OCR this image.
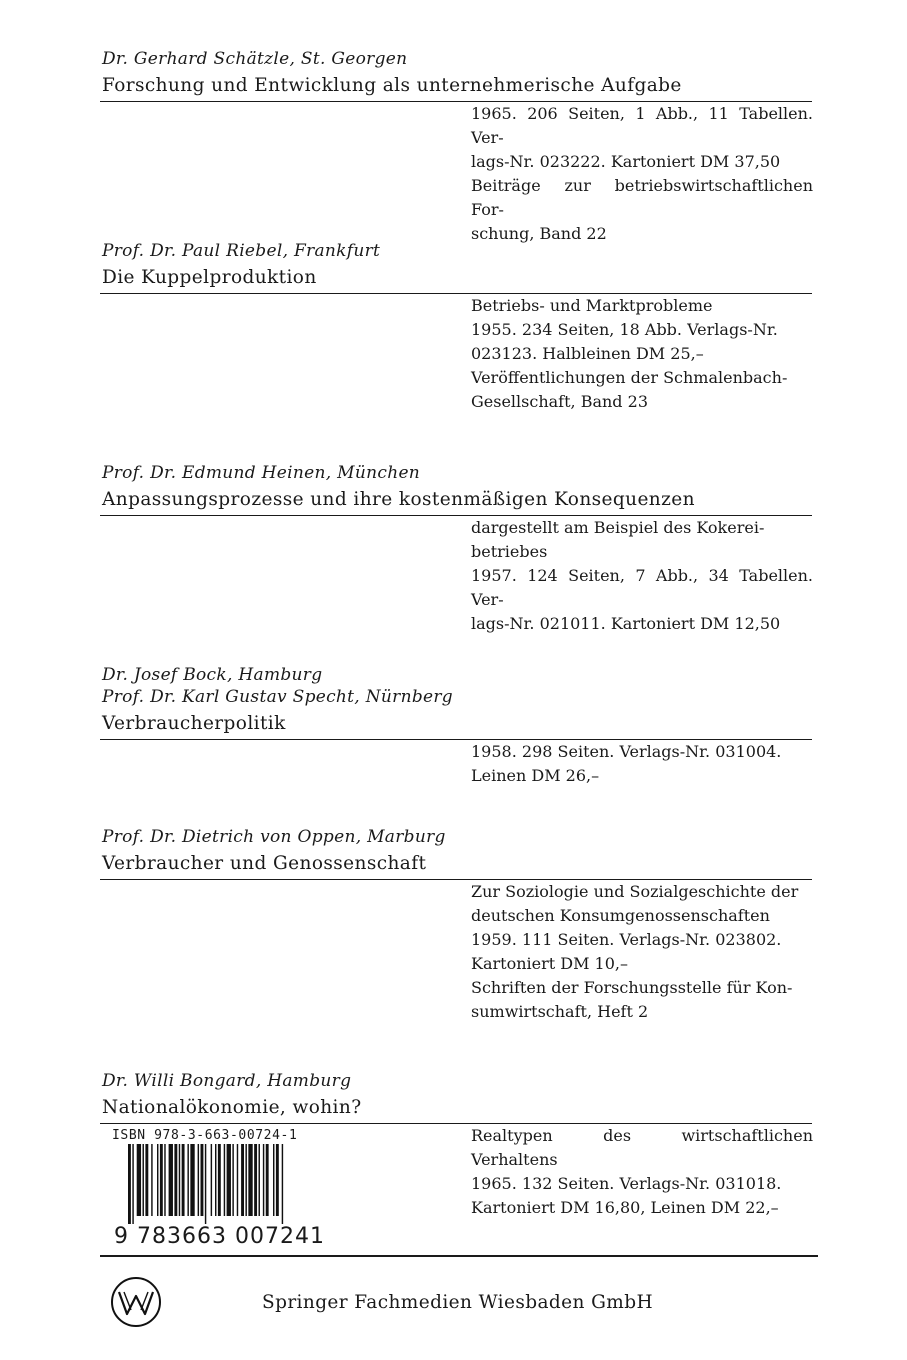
Dr. Gerhard Schätzle, St. Georgen
Forschung und Entwicklung als unternehmerische Aufgabe
1965. 206 Seiten, 1 Abb., 11 Tabellen. Ver-
lags-Nr. 023222. Kartoniert DM 37,50
Beiträge zur betriebswirtschaftlichen For-
schung, Band 22
Prof. Dr. Paul Riebel, Frankfurt
Die Kuppelproduktion
Betriebs- und Marktprobleme
1955. 234 Seiten, 18 Abb. Verlags-Nr.
023123. Halbleinen DM 25,–
Veröffentlichungen der Schmalenbach-
Gesellschaft, Band 23
Prof. Dr. Edmund Heinen, München
Anpassungsprozesse und ihre kostenmäßigen Konsequenzen
dargestellt am Beispiel des Kokerei-
betriebes
1957. 124 Seiten, 7 Abb., 34 Tabellen. Ver-
lags-Nr. 021011. Kartoniert DM 12,50
Dr. Josef Bock, Hamburg
Prof. Dr. Karl Gustav Specht, Nürnberg
Verbraucherpolitik
1958. 298 Seiten. Verlags-Nr. 031004.
Leinen DM 26,–
Prof. Dr. Dietrich von Oppen, Marburg
Verbraucher und Genossenschaft
Zur Soziologie und Sozialgeschichte der
deutschen Konsumgenossenschaften
1959. 111 Seiten. Verlags-Nr. 023802.
Kartoniert DM 10,–
Schriften der Forschungsstelle für Kon-
sumwirtschaft, Heft 2
Dr. Willi Bongard, Hamburg
Nationalökonomie, wohin?
Realtypen des wirtschaftlichen Verhaltens
1965. 132 Seiten. Verlags-Nr. 031018.
Kartoniert DM 16,80, Leinen DM 22,–
ISBN 978-3-663-00724-1
9 783663 007241
Springer Fachmedien Wiesbaden GmbH
